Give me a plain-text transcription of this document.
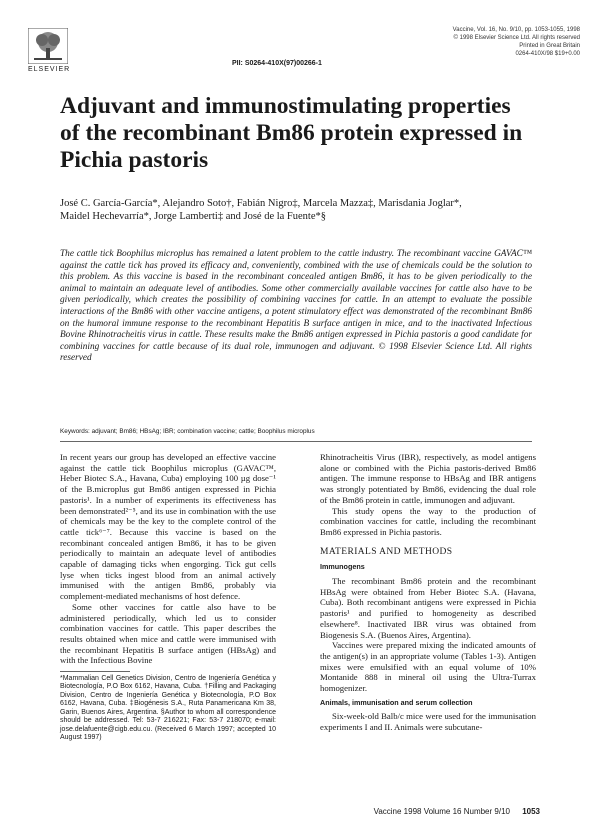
ELSEVIER
PII: S0264-410X(97)00266-1
Vaccine, Vol. 16, No. 9/10, pp. 1053-1055, 1998
© 1998 Elsevier Science Ltd. All rights reserved
Printed in Great Britain
0264-410X/98 $19+0.00
Adjuvant and immunostimulating properties of the recombinant Bm86 protein expressed in Pichia pastoris

José C. García-García*, Alejandro Soto†, Fabián Nigro‡, Marcela Mazza‡, Marisdania Joglar*, Maidel Hechevarría*, Jorge Lamberti‡ and José de la Fuente*§

The cattle tick Boophilus microplus has remained a latent problem to the cattle industry. The recombinant vaccine GAVAC™ against the cattle tick has proved its efficacy and, conveniently, combined with the use of chemicals could be the solution to this problem. As this vaccine is based in the recombinant concealed antigen Bm86, it has to be given periodically to the animal to maintain an adequate level of antibodies. Some other commercially available vaccines for cattle also have to be given periodically, which creates the possibility of combining vaccines for cattle. In an attempt to evaluate the possible interactions of the Bm86 with other vaccine antigens, a potent stimulatory effect was demonstrated of the recombinant Bm86 on the humoral immune response to the recombinant Hepatitis B surface antigen in mice, and to the inactivated Infectious Bovine Rhinotracheitis virus in cattle. These results make the Bm86 antigen expressed in Pichia pastoris a good candidate for combining vaccines for cattle because of its dual role, immunogen and adjuvant. © 1998 Elsevier Science Ltd. All rights reserved

Keywords: adjuvant; Bm86; HBsAg; IBR; combination vaccine; cattle; Boophilus microplus

In recent years our group has developed an effective vaccine against the cattle tick Boophilus microplus (GAVAC™, Heber Biotec S.A., Havana, Cuba) employing 100 µg dose⁻¹ of the B.microplus gut Bm86 antigen expressed in Pichia pastoris¹. In a number of experiments its effectiveness has been demonstrated²⁻⁵, and its use in combination with the use of chemicals may be the key to the complete control of the cattle tick⁶⁻⁷. Because this vaccine is based on the recombinant concealed antigen Bm86, it has to be given periodically to maintain an adequate level of antibodies capable of damaging ticks when engorging. Tick gut cells lyse when ticks ingest blood from an animal actively immunised with the antigen Bm86, probably via complement-mediated mechanisms of host defence.

Some other vaccines for cattle also have to be administered periodically, which led us to consider combination vaccines for cattle. This paper describes the results obtained when mice and cattle were immunised with the recombinant Hepatitis B surface antigen (HBsAg) and with the Infectious Bovine

*Mammalian Cell Genetics Division, Centro de Ingeniería Genética y Biotecnología, P.O Box 6162, Havana, Cuba. †Filling and Packaging Division, Centro de Ingeniería Genética y Biotecnología, P.O Box 6162, Havana, Cuba. ‡Biogénesis S.A., Ruta Panamericana Km 38, Garin, Buenos Aires, Argentina. §Author to whom all correspondence should be addressed. Tel: 53-7 216221; Fax: 53-7 218070; e-mail: jose.delafuente@cigb.edu.cu. (Received 6 March 1997; accepted 10 August 1997)

Rhinotracheitis Virus (IBR), respectively, as model antigens alone or combined with the Pichia pastoris-derived Bm86 antigen. The immune response to HBsAg and IBR antigens was strongly potentiated by Bm86, evidencing the dual role of the Bm86 protein in cattle, immunogen and adjuvant.

This study opens the way to the production of combination vaccines for cattle, including the recombinant Bm86 expressed in Pichia pastoris.

MATERIALS AND METHODS
Immunogens

The recombinant Bm86 protein and the recombinant HBsAg were obtained from Heber Biotec S.A. (Havana, Cuba). Both recombinant antigens were expressed in Pichia pastoris¹ and purified to homogeneity as described elsewhere⁸. Inactivated IBR virus was obtained from Biogenesis S.A. (Buenos Aires, Argentina).

Vaccines were prepared mixing the indicated amounts of the antigen(s) in an appropriate volume (Tables 1-3). Antigen mixes were emulsified with an equal volume of 10% Montanide 888 in mineral oil using the Ultra-Turrax homogenizer.

Animals, immunisation and serum collection

Six-week-old Balb/c mice were used for the immunisation experiments I and II. Animals were subcutane-

Vaccine 1998 Volume 16 Number 9/10 1053
